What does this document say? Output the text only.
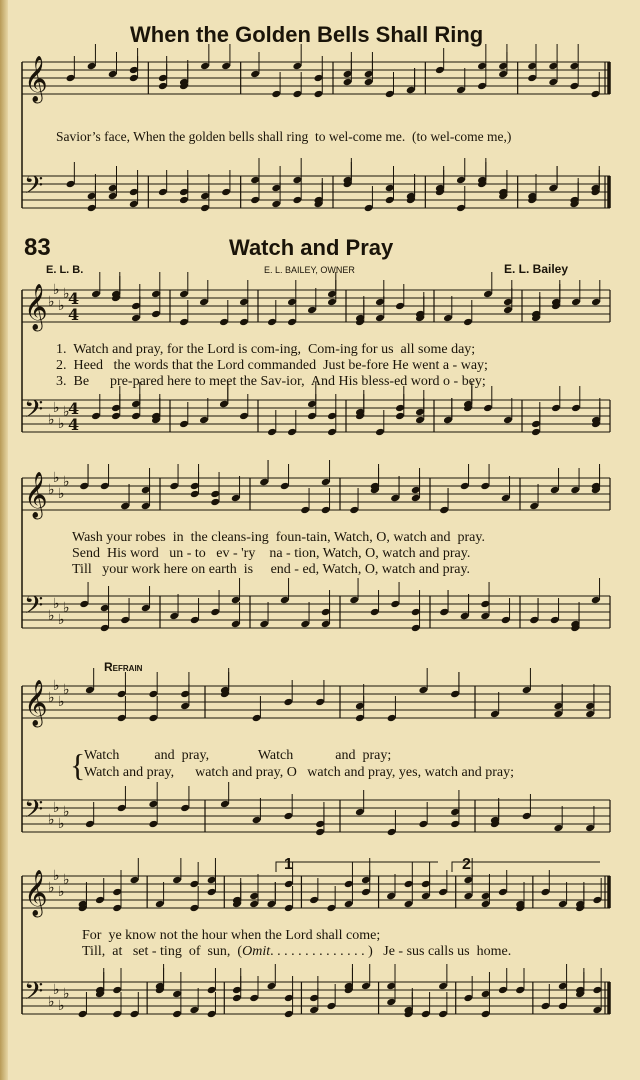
𝄞
𝄢
𝄞
𝄢
♭
♭
♭
♭
♭
♭
♭
♭
4
4
4
4
𝄞
𝄢
♭
♭
♭
♭
♭
♭
♭
♭
𝄞
𝄢
♭
♭
♭
♭
♭
♭
♭
♭
𝄞
𝄢
♭
♭
♭
♭
♭
♭
♭
♭
When the Golden Bells Shall Ring
Savior’s face, When the golden bells shall ring  to wel-come me.  (to wel-come me,)
83	Watch and Pray
E. L. B.	E. L. BAILEY, OWNER	E. L. Bailey
1.  Watch and pray, for the Lord is com-ing,  Com-ing for us  all some day;
2.  Heed   the words that the Lord commanded  Just be-fore He went a - way;
3.  Be      pre-pared here to meet the Sav-ior,  And His bless-ed word o - bey;
Wash your robes  in  the cleans-ing  foun-tain, Watch, O, watch and  pray.
Send  His word   un - to   ev - 'ry    na - tion, Watch, O, watch and pray.
Till   your work here on earth  is     end - ed, Watch, O, watch and pray.
Refrain
{
Watch          and  pray,              Watch            and  pray;
Watch and pray,      watch and pray, O   watch and pray, yes, watch and pray;
1	2
For  ye know not the hour when the Lord shall come;
Till,  at   set - ting  of  sun,  (Omit. . . . . . . . . . . . . . )   Je - sus calls us  home.
